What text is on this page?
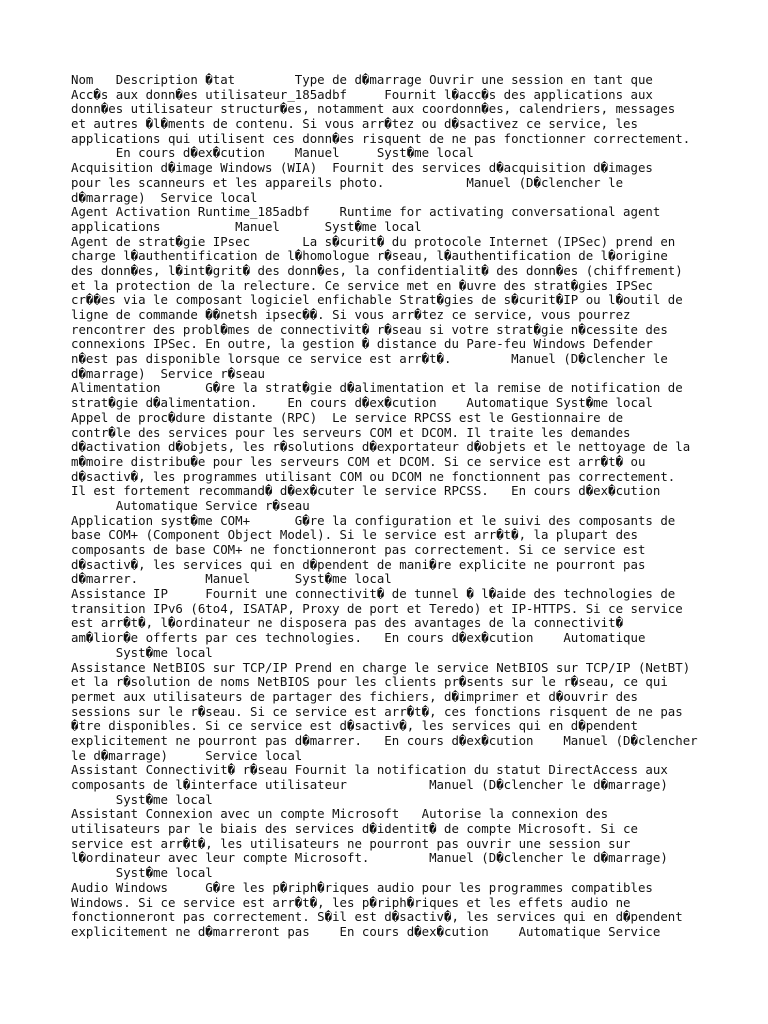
Nom   Description �tat        Type de d�marrage Ouvrir une session en tant que
Acc�s aux donn�es utilisateur_185adbf     Fournit l�acc�s des applications aux
donn�es utilisateur structur�es, notamment aux coordonn�es, calendriers, messages
et autres �l�ments de contenu. Si vous arr�tez ou d�sactivez ce service, les
applications qui utilisent ces donn�es risquent de ne pas fonctionner correctement.
En cours d�ex�cution    Manuel     Syst�me local
Acquisition d�image Windows (WIA)  Fournit des services d�acquisition d�images
pour les scanneurs et les appareils photo.           Manuel (D�clencher le
d�marrage)  Service local
Agent Activation Runtime_185adbf    Runtime for activating conversational agent
applications          Manuel      Syst�me local
Agent de strat�gie IPsec       La s�curit� du protocole Internet (IPSec) prend en
charge l�authentification de l�homologue r�seau, l�authentification de l�origine
des donn�es, l�int�grit� des donn�es, la confidentialit� des donn�es (chiffrement)
et la protection de la relecture. Ce service met en �uvre des strat�gies IPSec
cr��es via le composant logiciel enfichable Strat�gies de s�curit�IP ou l�outil de
ligne de commande ��netsh ipsec��. Si vous arr�tez ce service, vous pourrez
rencontrer des probl�mes de connectivit� r�seau si votre strat�gie n�cessite des
connexions IPSec. En outre, la gestion � distance du Pare-feu Windows Defender
n�est pas disponible lorsque ce service est arr�t�.        Manuel (D�clencher le
d�marrage)  Service r�seau
Alimentation      G�re la strat�gie d�alimentation et la remise de notification de
strat�gie d�alimentation.    En cours d�ex�cution    Automatique Syst�me local
Appel de proc�dure distante (RPC)  Le service RPCSS est le Gestionnaire de
contr�le des services pour les serveurs COM et DCOM. Il traite les demandes
d�activation d�objets, les r�solutions d�exportateur d�objets et le nettoyage de la
m�moire distribu�e pour les serveurs COM et DCOM. Si ce service est arr�t� ou
d�sactiv�, les programmes utilisant COM ou DCOM ne fonctionnent pas correctement.
Il est fortement recommand� d�ex�cuter le service RPCSS.   En cours d�ex�cution
Automatique Service r�seau
Application syst�me COM+      G�re la configuration et le suivi des composants de
base COM+ (Component Object Model). Si le service est arr�t�, la plupart des
composants de base COM+ ne fonctionneront pas correctement. Si ce service est
d�sactiv�, les services qui en d�pendent de mani�re explicite ne pourront pas
d�marrer.         Manuel      Syst�me local
Assistance IP     Fournit une connectivit� de tunnel � l�aide des technologies de
transition IPv6 (6to4, ISATAP, Proxy de port et Teredo) et IP-HTTPS. Si ce service
est arr�t�, l�ordinateur ne disposera pas des avantages de la connectivit�
am�lior�e offerts par ces technologies.   En cours d�ex�cution    Automatique
Syst�me local
Assistance NetBIOS sur TCP/IP Prend en charge le service NetBIOS sur TCP/IP (NetBT)
et la r�solution de noms NetBIOS pour les clients pr�sents sur le r�seau, ce qui
permet aux utilisateurs de partager des fichiers, d�imprimer et d�ouvrir des
sessions sur le r�seau. Si ce service est arr�t�, ces fonctions risquent de ne pas
�tre disponibles. Si ce service est d�sactiv�, les services qui en d�pendent
explicitement ne pourront pas d�marrer.   En cours d�ex�cution    Manuel (D�clencher
le d�marrage)     Service local
Assistant Connectivit� r�seau Fournit la notification du statut DirectAccess aux
composants de l�interface utilisateur           Manuel (D�clencher le d�marrage)
Syst�me local
Assistant Connexion avec un compte Microsoft   Autorise la connexion des
utilisateurs par le biais des services d�identit� de compte Microsoft. Si ce
service est arr�t�, les utilisateurs ne pourront pas ouvrir une session sur
l�ordinateur avec leur compte Microsoft.        Manuel (D�clencher le d�marrage)
Syst�me local
Audio Windows     G�re les p�riph�riques audio pour les programmes compatibles
Windows. Si ce service est arr�t�, les p�riph�riques et les effets audio ne
fonctionneront pas correctement. S�il est d�sactiv�, les services qui en d�pendent
explicitement ne d�marreront pas    En cours d�ex�cution    Automatique Service
